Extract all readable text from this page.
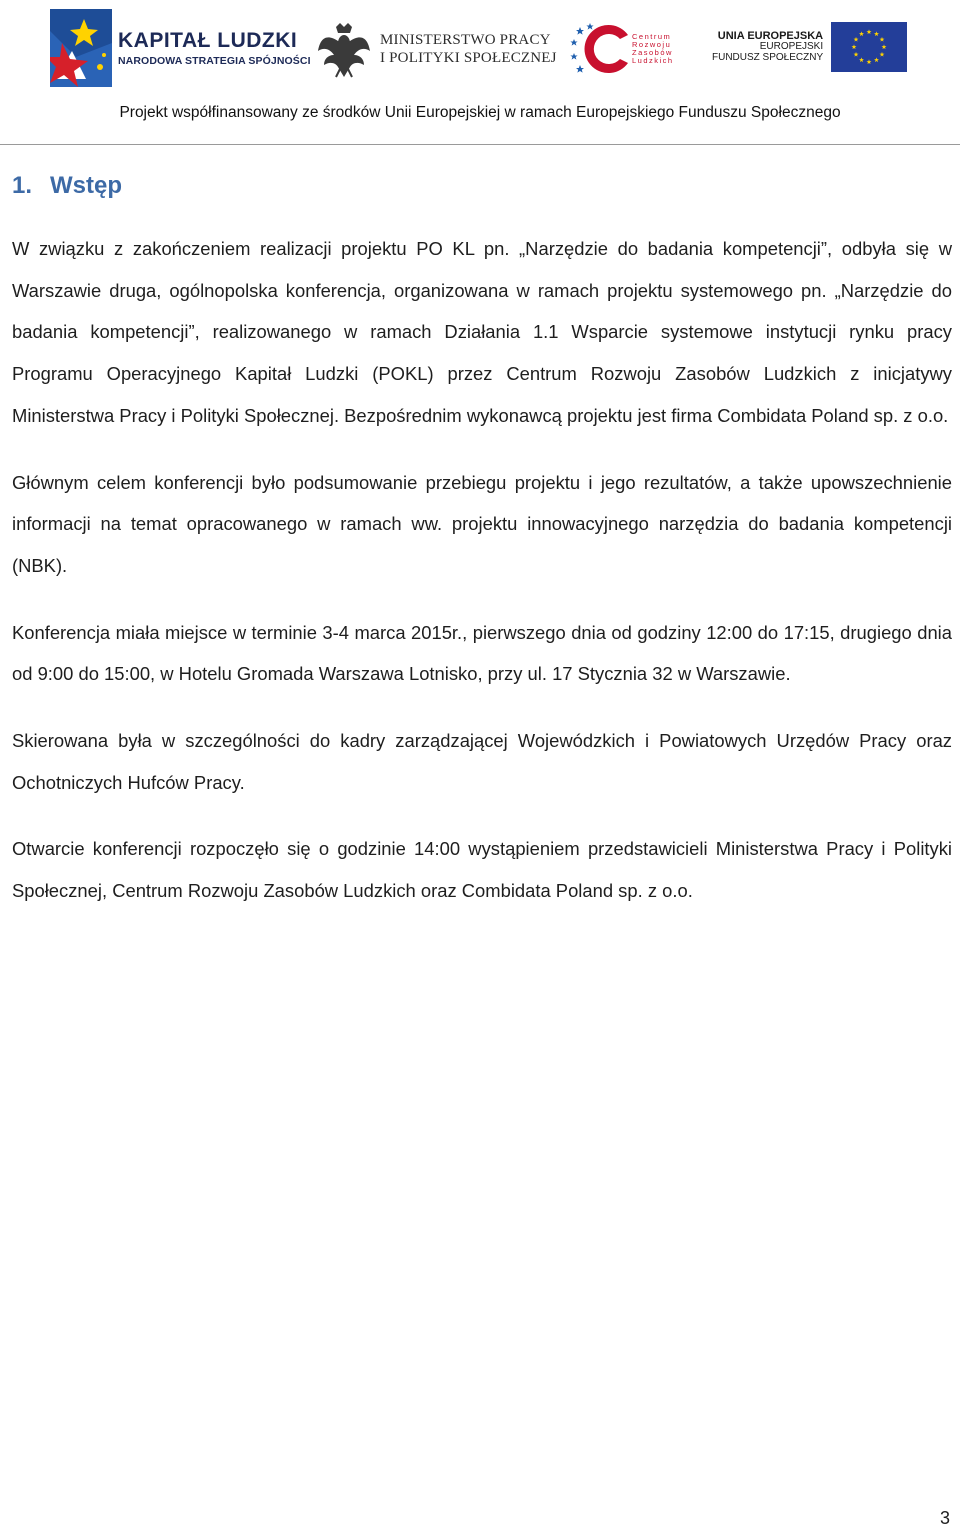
KAPITAŁ LUDZKI
NARODOWA STRATEGIA SPÓJNOŚCI
MINISTERSTWO PRACY
I POLITYKI SPOŁECZNEJ
Centrum
Rozwoju
Zasobów
Ludzkich
UNIA EUROPEJSKA
EUROPEJSKI
FUNDUSZ SPOŁECZNY
Projekt współfinansowany ze środków Unii Europejskiej w ramach Europejskiego Funduszu Społecznego
1. Wstęp

W związku z zakończeniem realizacji projektu PO KL pn. „Narzędzie do badania kompetencji”, odbyła się w Warszawie druga, ogólnopolska konferencja, organizowana w ramach projektu systemowego pn. „Narzędzie do badania kompetencji”, realizowanego w ramach Działania 1.1 Wsparcie systemowe instytucji rynku pracy Programu Operacyjnego Kapitał Ludzki (POKL) przez Centrum Rozwoju Zasobów Ludzkich z inicjatywy Ministerstwa Pracy i Polityki Społecznej. Bezpośrednim wykonawcą projektu jest firma Combidata Poland sp. z o.o.

Głównym celem konferencji było podsumowanie przebiegu projektu i jego rezultatów, a także upowszechnienie informacji na temat opracowanego w ramach ww. projektu innowacyjnego narzędzia do badania kompetencji (NBK).

Konferencja miała miejsce w terminie 3-4 marca 2015r., pierwszego dnia od godziny 12:00 do 17:15, drugiego dnia od 9:00 do 15:00, w Hotelu Gromada Warszawa Lotnisko, przy ul. 17 Stycznia 32 w Warszawie.

Skierowana była w szczególności do kadry zarządzającej Wojewódzkich i Powiatowych Urzędów Pracy oraz Ochotniczych Hufców Pracy.

Otwarcie konferencji rozpoczęło się o godzinie 14:00 wystąpieniem przedstawicieli Ministerstwa Pracy i Polityki Społecznej, Centrum Rozwoju Zasobów Ludzkich oraz Combidata Poland sp. z o.o.

3
